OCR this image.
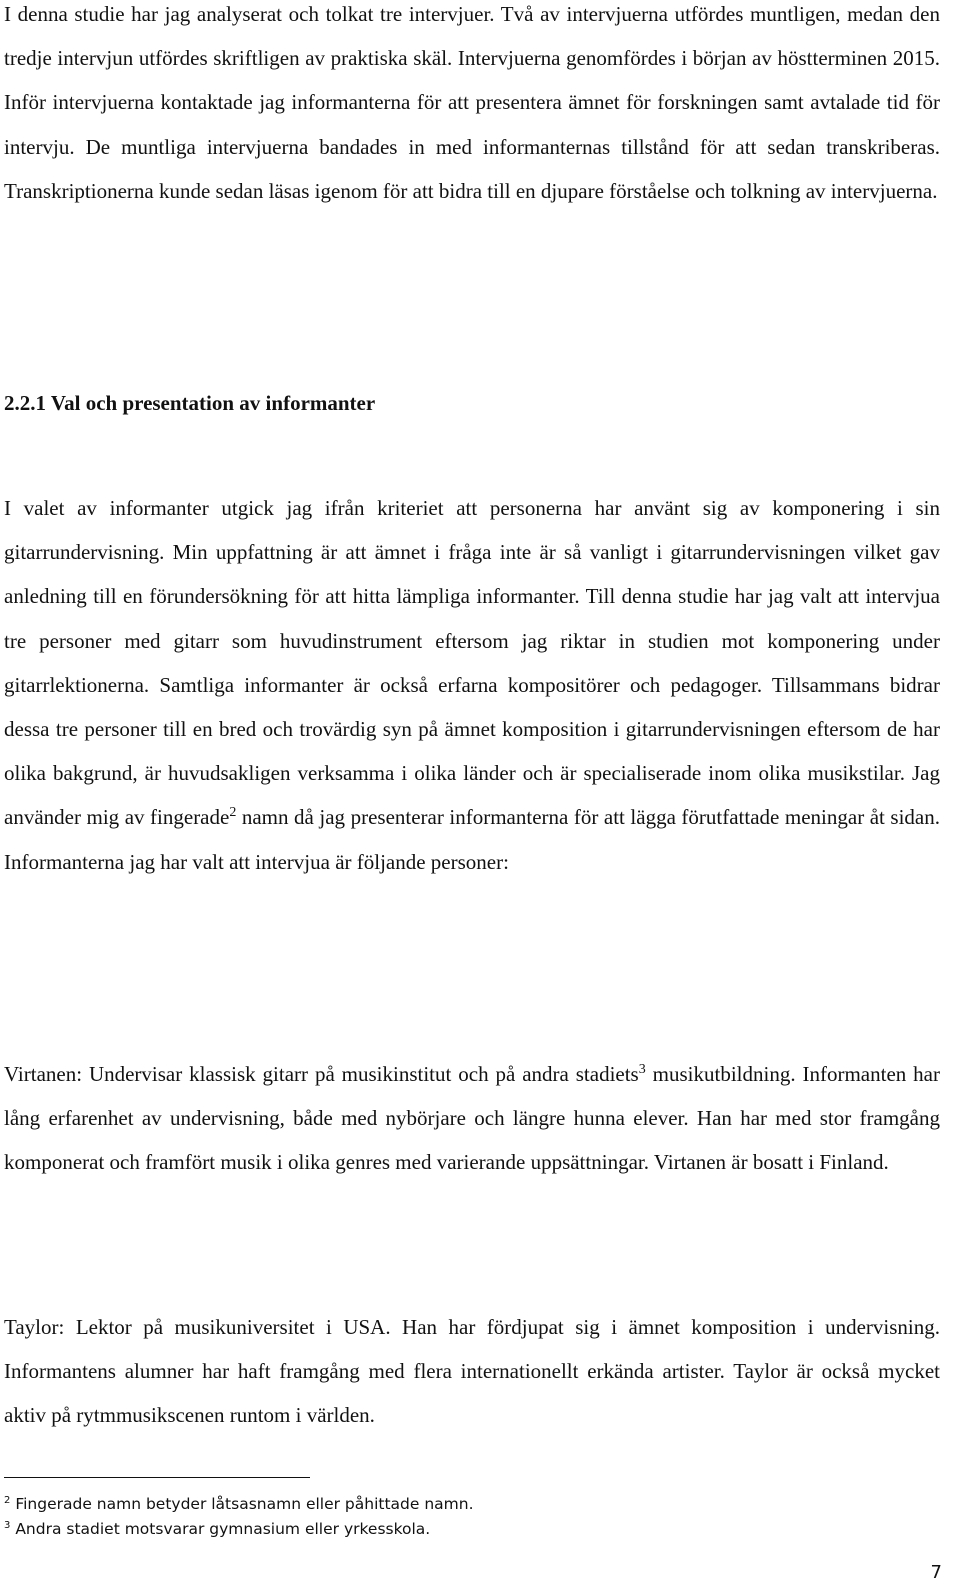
I denna studie har jag analyserat och tolkat tre intervjuer. Två av intervjuerna utfördes muntligen, medan den tredje intervjun utfördes skriftligen av praktiska skäl. Intervjuerna genomfördes i början av höstterminen 2015. Inför intervjuerna kontaktade jag informanterna för att presentera ämnet för forskningen samt avtalade tid för intervju. De muntliga intervjuerna bandades in med informanternas tillstånd för att sedan transkriberas. Transkriptionerna kunde sedan läsas igenom för att bidra till en djupare förståelse och tolkning av intervjuerna.

2.2.1 Val och presentation av informanter

I valet av informanter utgick jag ifrån kriteriet att personerna har använt sig av komponering i sin gitarrundervisning. Min uppfattning är att ämnet i fråga inte är så vanligt i gitarrundervisningen vilket gav anledning till en förundersökning för att hitta lämpliga informanter. Till denna studie har jag valt att intervjua tre personer med gitarr som huvudinstrument eftersom jag riktar in studien mot komponering under gitarrlektionerna. Samtliga informanter är också erfarna kompositörer och pedagoger. Tillsammans bidrar dessa tre personer till en bred och trovärdig syn på ämnet komposition i gitarrundervisningen eftersom de har olika bakgrund, är huvudsakligen verksamma i olika länder och är specialiserade inom olika musikstilar. Jag använder mig av fingerade$^2$ namn då jag presenterar informanterna för att lägga förutfattade meningar åt sidan. Informanterna jag har valt att intervjua är följande personer:

Virtanen: Undervisar klassisk gitarr på musikinstitut och på andra stadiets$^3$ musikutbildning. Informanten har lång erfarenhet av undervisning, både med nybörjare och längre hunna elever. Han har med stor framgång komponerat och framfört musik i olika genres med varierande uppsättningar. Virtanen är bosatt i Finland.

Taylor: Lektor på musikuniversitet i USA. Han har fördjupat sig i ämnet komposition i undervisning. Informantens alumner har haft framgång med flera internationellt erkända artister. Taylor är också mycket aktiv på rytmmusikscenen runtom i världen.

$^2$ Fingerade namn betyder låtsasnamn eller påhittade namn.

$^3$ Andra stadiet motsvarar gymnasium eller yrkesskola.

7
